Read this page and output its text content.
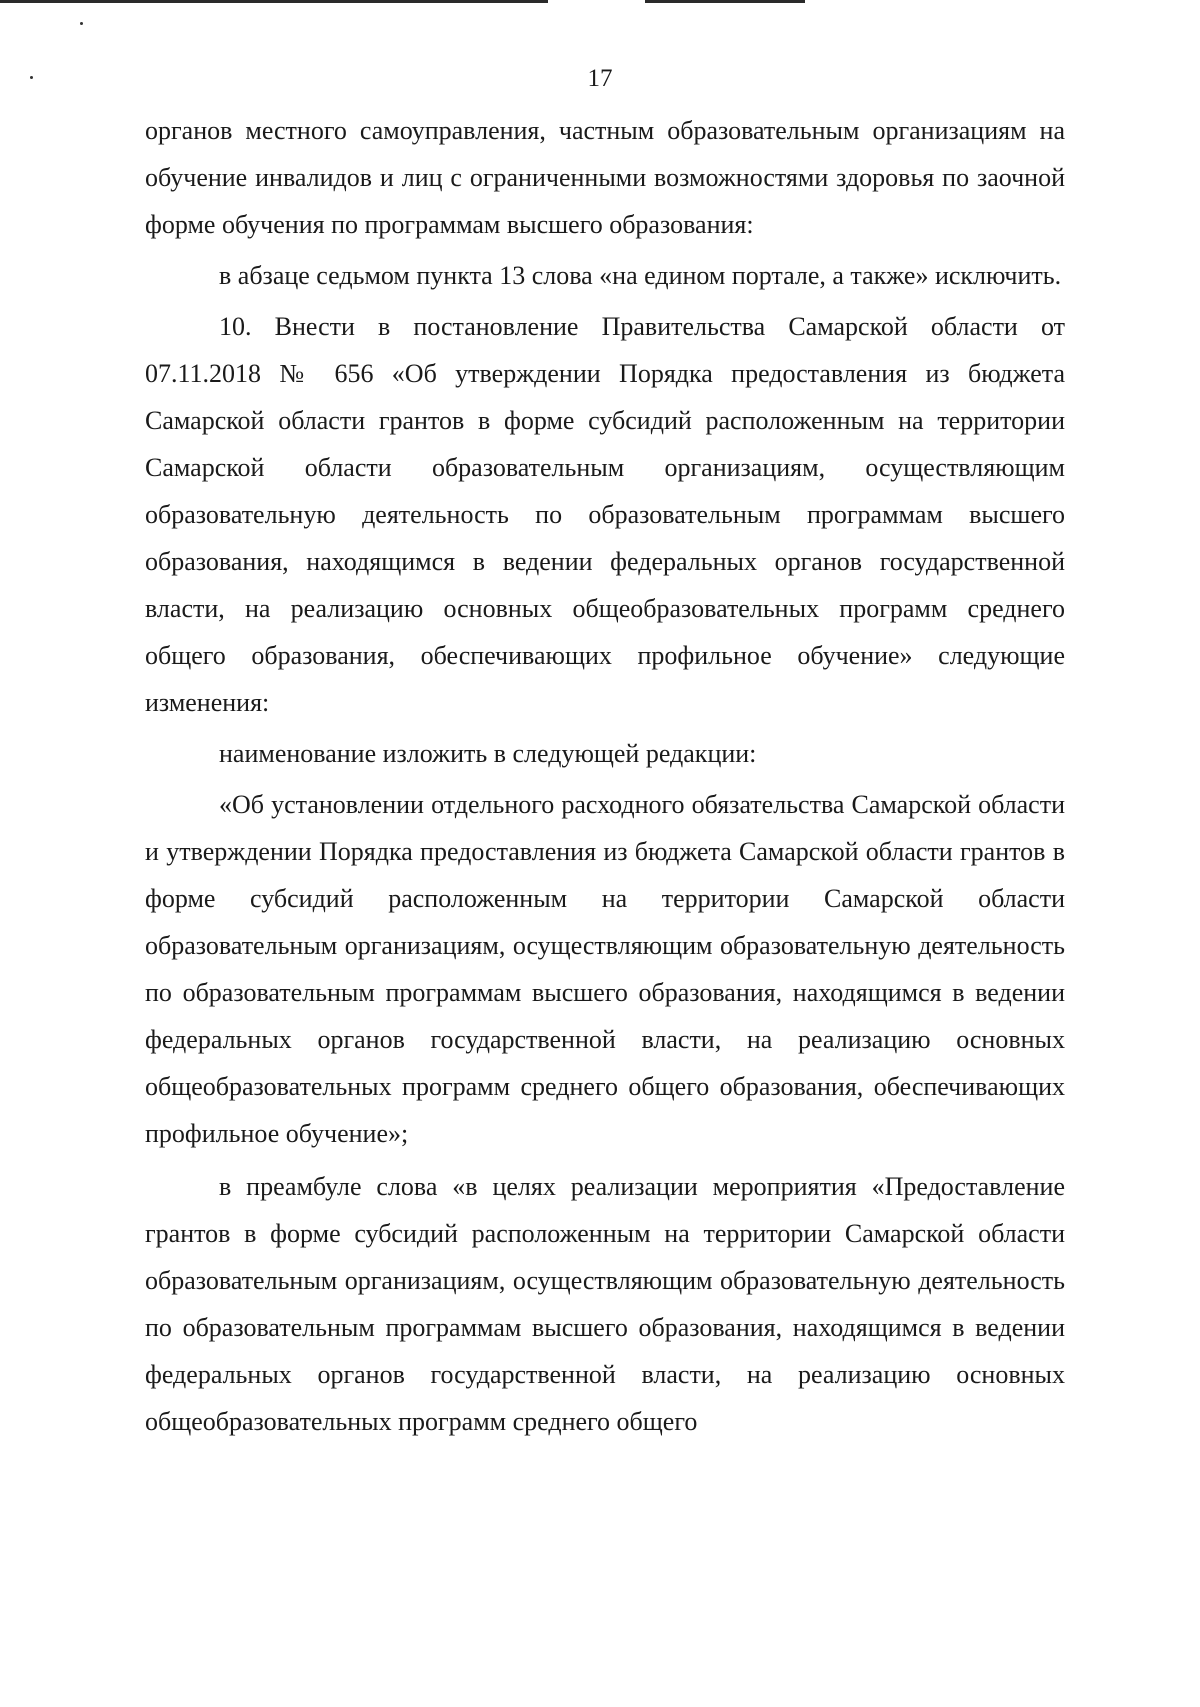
17

органов местного самоуправления, частным образовательным организациям на обучение инвалидов и лиц с ограниченными возможностями здоровья по заочной форме обучения по программам высшего образования:

в абзаце седьмом пункта 13 слова «на едином портале, а также» исключить.

10. Внести в постановление Правительства Самарской области от 07.11.2018 № 656 «Об утверждении Порядка предоставления из бюджета Самарской области грантов в форме субсидий расположенным на территории Самарской области образовательным организациям, осуществляющим образовательную деятельность по образовательным программам высшего образования, находящимся в ведении федеральных органов государственной власти, на реализацию основных общеобразовательных программ среднего общего образования, обеспечивающих профильное обучение» следующие изменения:

наименование изложить в следующей редакции:

«Об установлении отдельного расходного обязательства Самарской области и утверждении Порядка предоставления из бюджета Самарской области грантов в форме субсидий расположенным на территории Самарской области образовательным организациям, осуществляющим образовательную деятельность по образовательным программам высшего образования, находящимся в ведении федеральных органов государственной власти, на реализацию основных общеобразовательных программ среднего общего образования, обеспечивающих профильное обучение»;

в преамбуле слова «в целях реализации мероприятия «Предоставление грантов в форме субсидий расположенным на территории Самарской области образовательным организациям, осуществляющим образовательную деятельность по образовательным программам высшего образования, находящимся в ведении федеральных органов государственной власти, на реализацию основных общеобразовательных программ среднего общего
